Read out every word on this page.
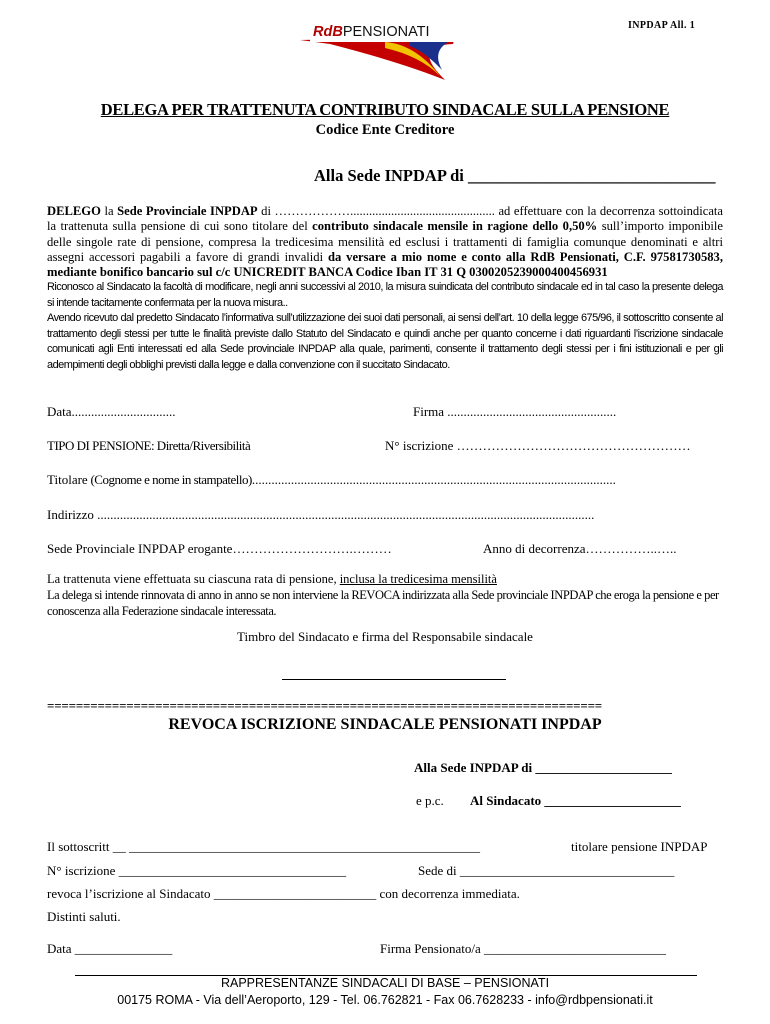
INPDAP All. 1
RdBPENSIONATI
DELEGA PER TRATTENUTA CONTRIBUTO SINDACALE SULLA PENSIONE
Codice Ente Creditore
Alla Sede INPDAP di ______________________________
DELEGO la Sede Provinciale INPDAP di ……………….............................................. ad effettuare con la decorrenza sottoindicata la trattenuta sulla pensione di cui sono titolare del contributo sindacale mensile in ragione dello 0,50% sull’importo imponibile delle singole rate di pensione, compresa la tredicesima mensilità ed esclusi i trattamenti di famiglia comunque denominati e altri assegni accessori pagabili a favore di grandi invalidi da versare a mio nome e conto alla RdB Pensionati, C.F. 97581730583, mediante bonifico bancario sul c/c UNICREDIT BANCA Codice Iban IT 31 Q 0300205239000400456931
Riconosco al Sindacato la facoltà di modificare, negli anni successivi al 2010, la misura suindicata del contributo sindacale ed in tal caso la presente delega si intende tacitamente confermata per la nuova misura..
Avendo ricevuto dal predetto Sindacato l’informativa sull’utilizzazione dei suoi dati personali, ai sensi dell’art. 10 della legge 675/96, il sottoscritto consente al trattamento degli stessi per tutte le finalità previste dallo Statuto del Sindacato e quindi anche per quanto concerne i dati riguardanti l’iscrizione sindacale comunicati agli Enti interessati ed alla Sede provinciale INPDAP alla quale, parimenti, consente il trattamento degli stessi per i fini istituzionali e per gli adempimenti degli obblighi previsti dalla legge e dalla convenzione con il succitato Sindacato.
Data................................	Firma ....................................................
TIPO DI PENSIONE: Diretta/Riversibilità	N° iscrizione ………………………………………………
Titolare (Cognome e nome in stampatello)................................................................................................................
Indirizzo .........................................................................................................................................................
Sede Provinciale INPDAP erogante……………………….………	Anno di decorrenza……………..…..
La trattenuta viene effettuata su ciascuna rata di pensione, inclusa la tredicesima mensilità
La delega si intende rinnovata di anno in anno se non interviene la REVOCA indirizzata alla Sede provinciale INPDAP che eroga la pensione e per conoscenza alla Federazione sindacale interessata.
Timbro del Sindacato e firma del Responsabile sindacale
=============================================================================
REVOCA ISCRIZIONE SINDACALE PENSIONATI INPDAP
Alla Sede INPDAP di _____________________
e p.c. Al Sindacato _____________________
Il sottoscritt __ ______________________________________________________	titolare pensione INPDAP
N° iscrizione ___________________________________	Sede di _________________________________
revoca l’iscrizione al Sindacato _________________________ con decorrenza immediata.
Distinti saluti.
Data _______________	Firma Pensionato/a ____________________________
RAPPRESENTANZE SINDACALI DI BASE – PENSIONATI
00175 ROMA - Via dell’Aeroporto, 129 - Tel. 06.762821 - Fax 06.7628233 - info@rdbpensionati.it
